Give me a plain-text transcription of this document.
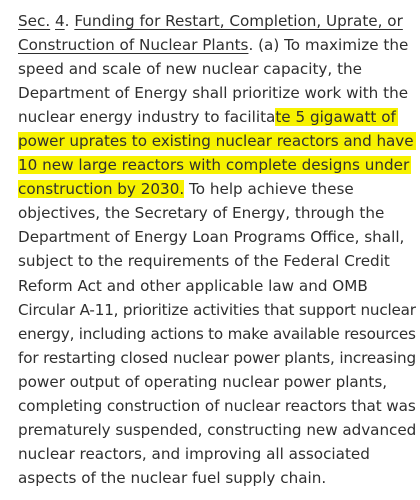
Sec. 4. Funding for Restart, Completion, Uprate, or
Construction of Nuclear Plants. (a) To maximize the
speed and scale of new nuclear capacity, the
Department of Energy shall prioritize work with the
nuclear energy industry to facilitate 5 gigawatt of
power uprates to existing nuclear reactors and have
10 new large reactors with complete designs under
construction by 2030. To help achieve these
objectives, the Secretary of Energy, through the
Department of Energy Loan Programs Office, shall,
subject to the requirements of the Federal Credit
Reform Act and other applicable law and OMB
Circular A-11, prioritize activities that support nuclear
energy, including actions to make available resources
for restarting closed nuclear power plants, increasing
power output of operating nuclear power plants,
completing construction of nuclear reactors that was
prematurely suspended, constructing new advanced
nuclear reactors, and improving all associated
aspects of the nuclear fuel supply chain.
